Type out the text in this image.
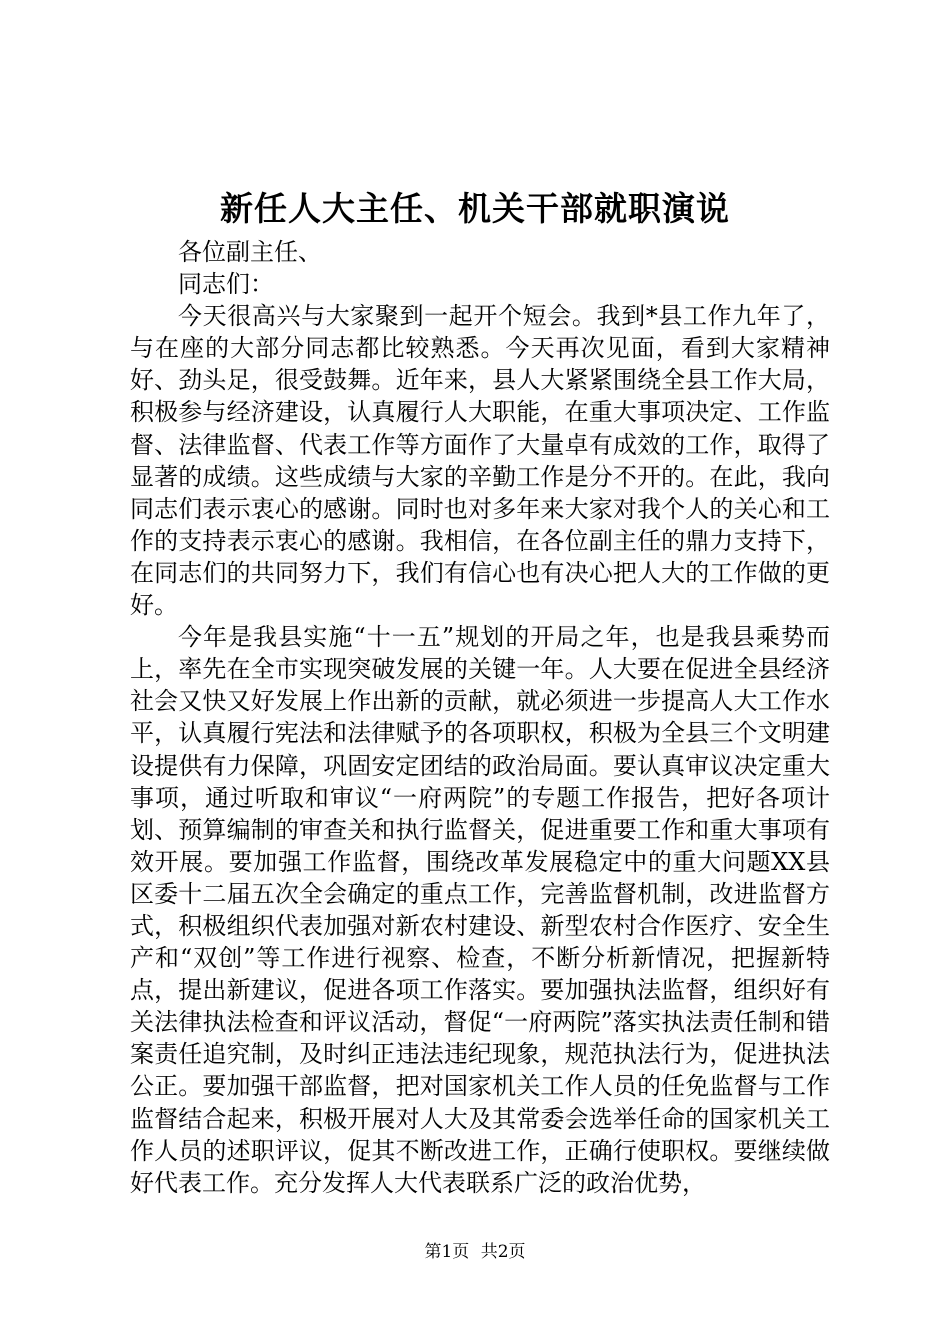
新任人大主任、机关干部就职演说

各位副主任、

同志们：

今天很高兴与大家聚到一起开个短会。我到*县工作九年了，与在座的大部分同志都比较熟悉。今天再次见面，看到大家精神好、劲头足，很受鼓舞。近年来，县人大紧紧围绕全县工作大局，积极参与经济建设，认真履行人大职能，在重大事项决定、工作监督、法律监督、代表工作等方面作了大量卓有成效的工作，取得了显著的成绩。这些成绩与大家的辛勤工作是分不开的。在此，我向同志们表示衷心的感谢。同时也对多年来大家对我个人的关心和工作的支持表示衷心的感谢。我相信，在各位副主任的鼎力支持下，在同志们的共同努力下，我们有信心也有决心把人大的工作做的更好。

今年是我县实施“十一五”规划的开局之年，也是我县乘势而上，率先在全市实现突破发展的关键一年。人大要在促进全县经济社会又快又好发展上作出新的贡献，就必须进一步提高人大工作水平，认真履行宪法和法律赋予的各项职权，积极为全县三个文明建设提供有力保障，巩固安定团结的政治局面。要认真审议决定重大事项，通过听取和审议“一府两院”的专题工作报告，把好各项计划、预算编制的审查关和执行监督关，促进重要工作和重大事项有效开展。要加强工作监督，围绕改革发展稳定中的重大问题XX县区委十二届五次全会确定的重点工作，完善监督机制，改进监督方式，积极组织代表加强对新农村建设、新型农村合作医疗、安全生产和“双创”等工作进行视察、检查，不断分析新情况，把握新特点，提出新建议，促进各项工作落实。要加强执法监督，组织好有关法律执法检查和评议活动，督促“一府两院”落实执法责任制和错案责任追究制，及时纠正违法违纪现象，规范执法行为，促进执法公正。要加强干部监督，把对国家机关工作人员的任免监督与工作监督结合起来，积极开展对人大及其常委会选举任命的国家机关工作人员的述职评议，促其不断改进工作，正确行使职权。要继续做好代表工作。充分发挥人大代表联系广泛的政治优势，

第1页 共2页
